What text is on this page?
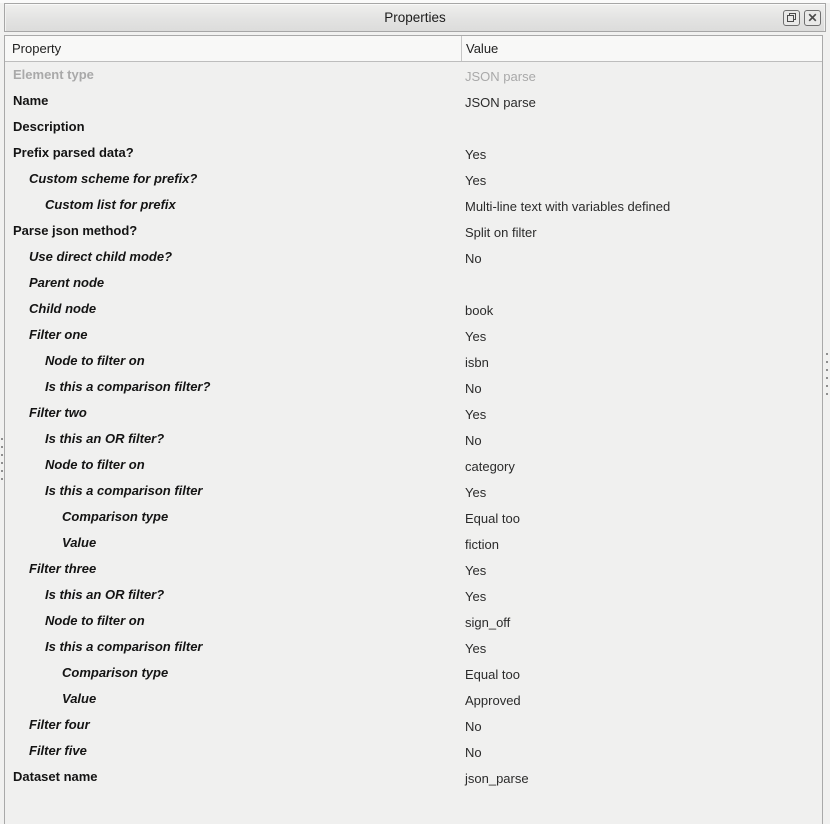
Properties
Property	Value
Element type	JSON parse
Name	JSON parse
Description
Prefix parsed data?	Yes
Custom scheme for prefix?	Yes
Custom list for prefix	Multi-line text with variables defined
Parse json method?	Split on filter
Use direct child mode?	No
Parent node
Child node	book
Filter one	Yes
Node to filter on	isbn
Is this a comparison filter?	No
Filter two	Yes
Is this an OR filter?	No
Node to filter on	category
Is this a comparison filter	Yes
Comparison type	Equal too
Value	fiction
Filter three	Yes
Is this an OR filter?	Yes
Node to filter on	sign_off
Is this a comparison filter	Yes
Comparison type	Equal too
Value	Approved
Filter four	No
Filter five	No
Dataset name	json_parse
